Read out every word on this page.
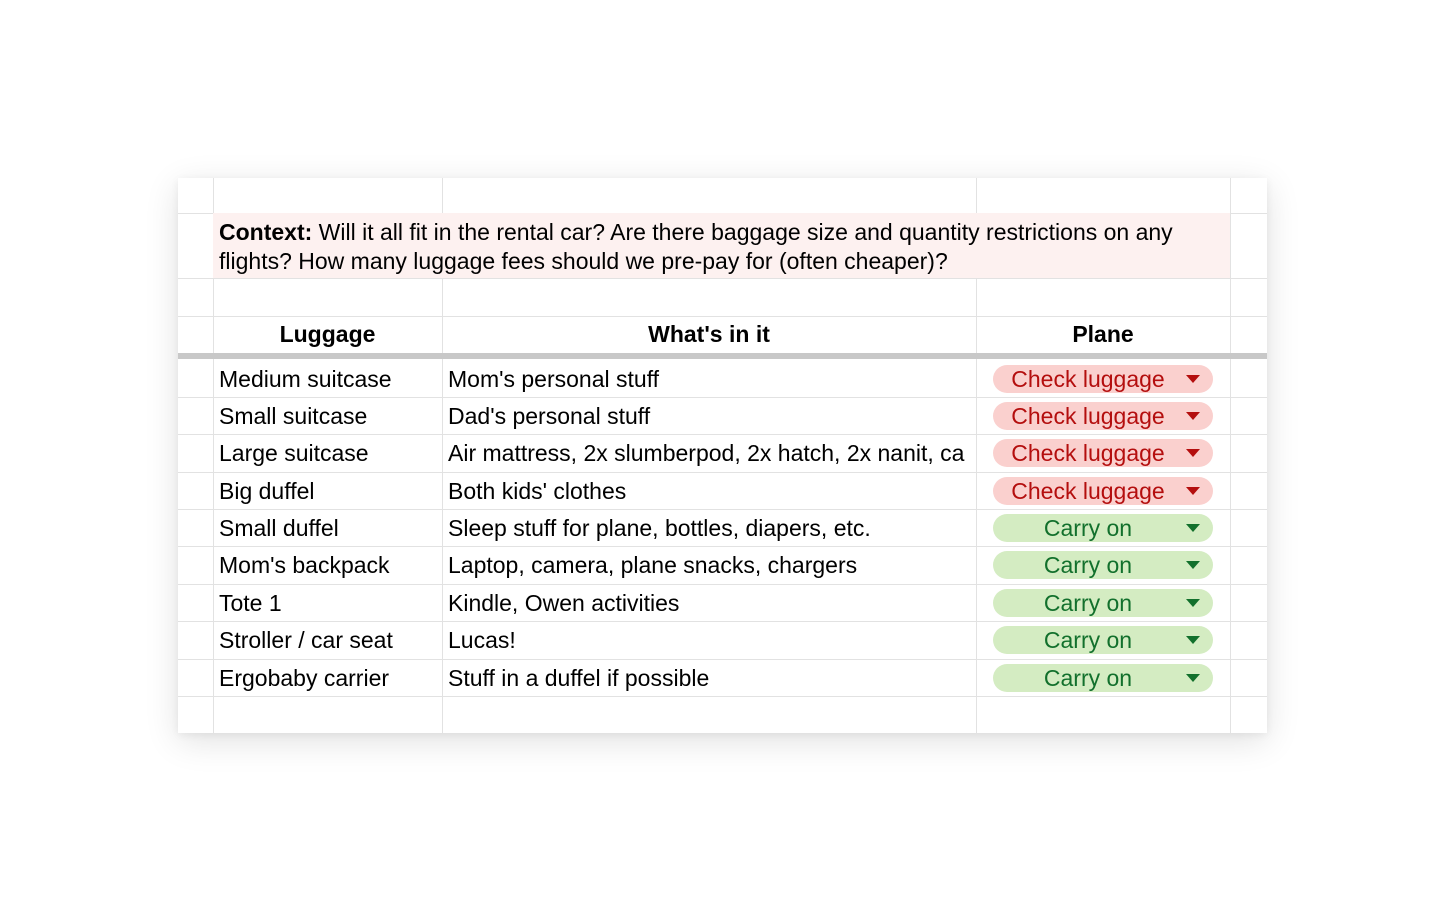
Context: Will it all fit in the rental car? Are there baggage size and quantity restrictions on any flights? How many luggage fees should we pre-pay for (often cheaper)?
Luggage	What's in it	Plane
Medium suitcase	Mom's personal stuff	Check luggage
Small suitcase	Dad's personal stuff	Check luggage
Large suitcase	Air mattress, 2x slumberpod, 2x hatch, 2x nanit, ca	Check luggage
Big duffel	Both kids' clothes	Check luggage
Small duffel	Sleep stuff for plane, bottles, diapers, etc.	Carry on
Mom's backpack	Laptop, camera, plane snacks, chargers	Carry on
Tote 1	Kindle, Owen activities	Carry on
Stroller / car seat	Lucas!	Carry on
Ergobaby carrier	Stuff in a duffel if possible	Carry on
